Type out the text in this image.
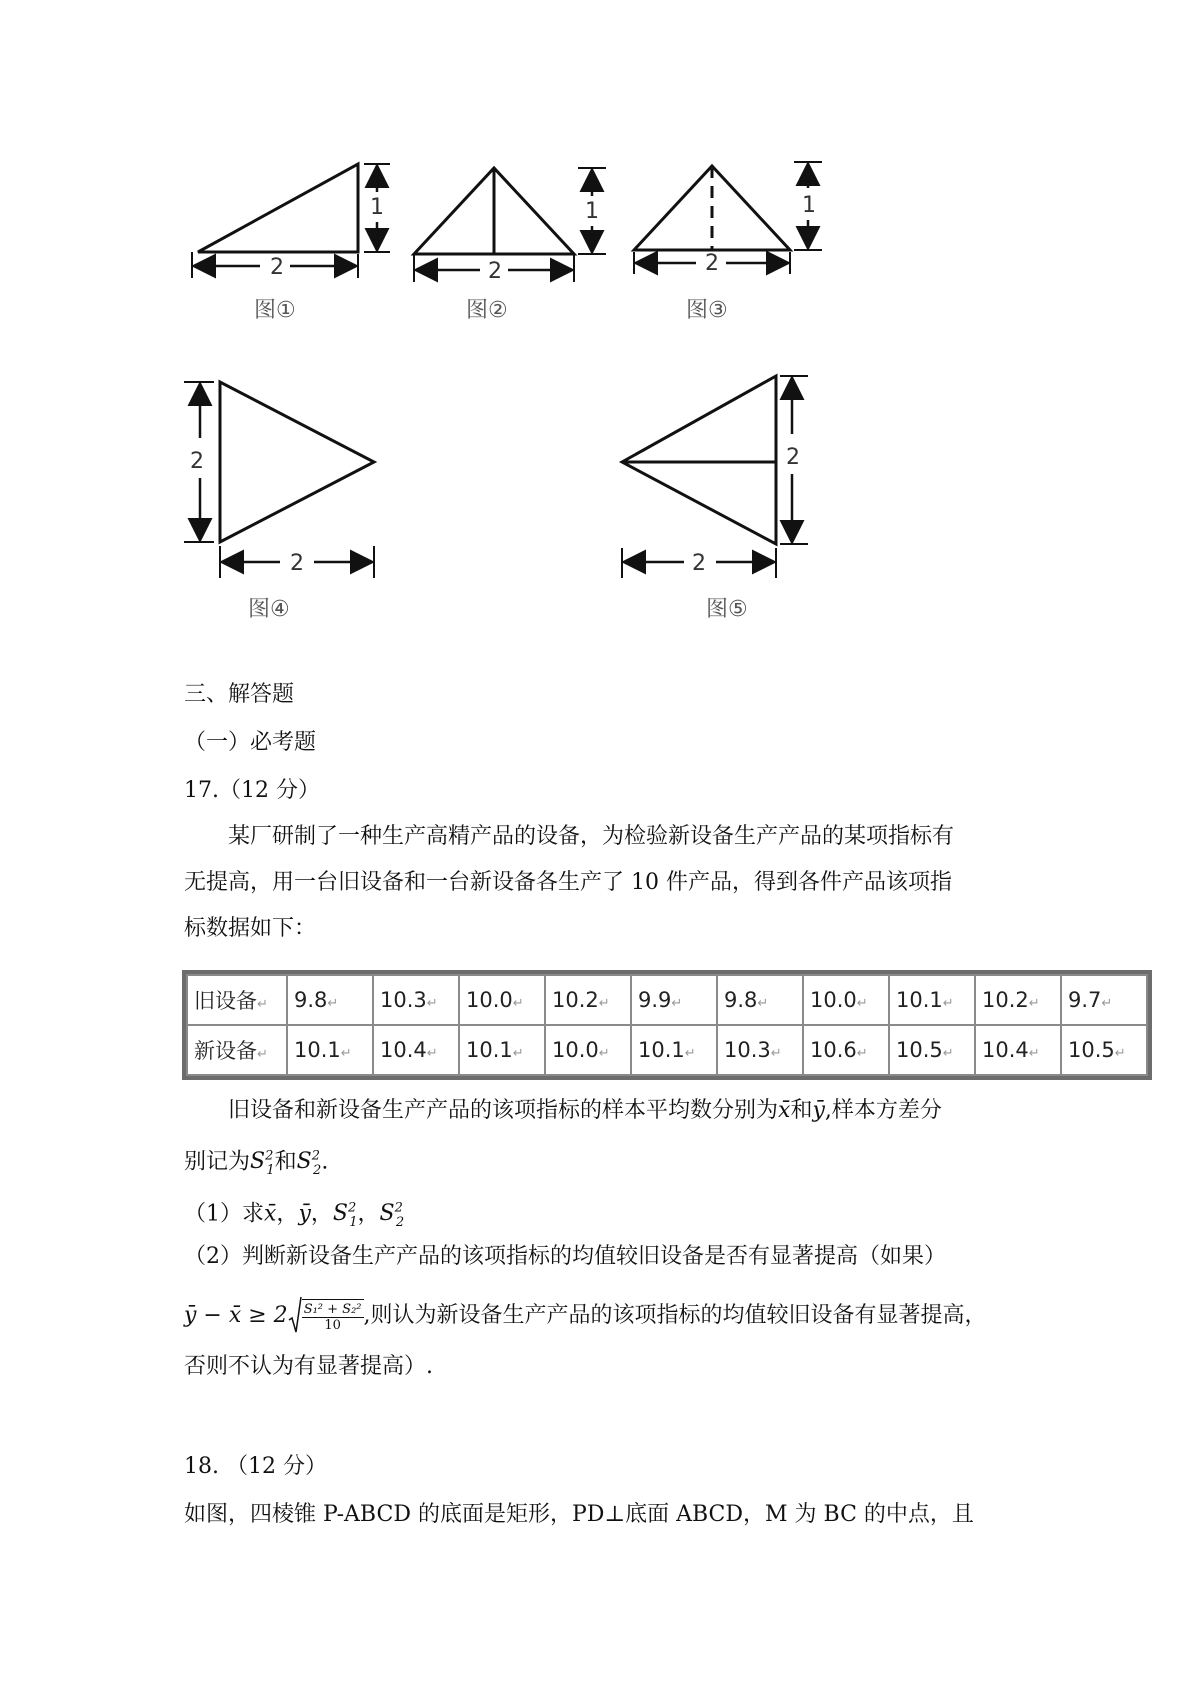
2
1
图①
2
1
图②
2
1
图③
2
2
图④
2
2
图⑤
三、解答题
（一）必考题
17.（12 分）
某厂研制了一种生产高精产品的设备，为检验新设备生产产品的某项指标有
无提高，用一台旧设备和一台新设备各生产了 10 件产品，得到各件产品该项指
标数据如下：
旧设备↵	9.8↵	10.3↵	10.0↵	10.2↵	9.9↵	9.8↵	10.0↵	10.1↵	10.2↵	9.7↵
新设备↵	10.1↵	10.4↵	10.1↵	10.0↵	10.1↵	10.3↵	10.6↵	10.5↵	10.4↵	10.5↵
旧设备和新设备生产产品的该项指标的样本平均数分别为x̄和ȳ,样本方差分
别记为$S^2_1$和$S^2_2$.
（1）求x̄，ȳ，$S^2_1$，$S^2_2$
（2）判断新设备生产产品的该项指标的均值较旧设备是否有显著提高（如果）
ȳ − x̄ ≥ $2 \frac{\text{S₁² + S₂²}}{10}$ ,则认为新设备生产产品的该项指标的均值较旧设备有显著提高，
否则不认为有显著提高）.
18. （12 分）
如图，四棱锥 P-ABCD 的底面是矩形，PD⊥底面 ABCD，M 为 BC 的中点，且
